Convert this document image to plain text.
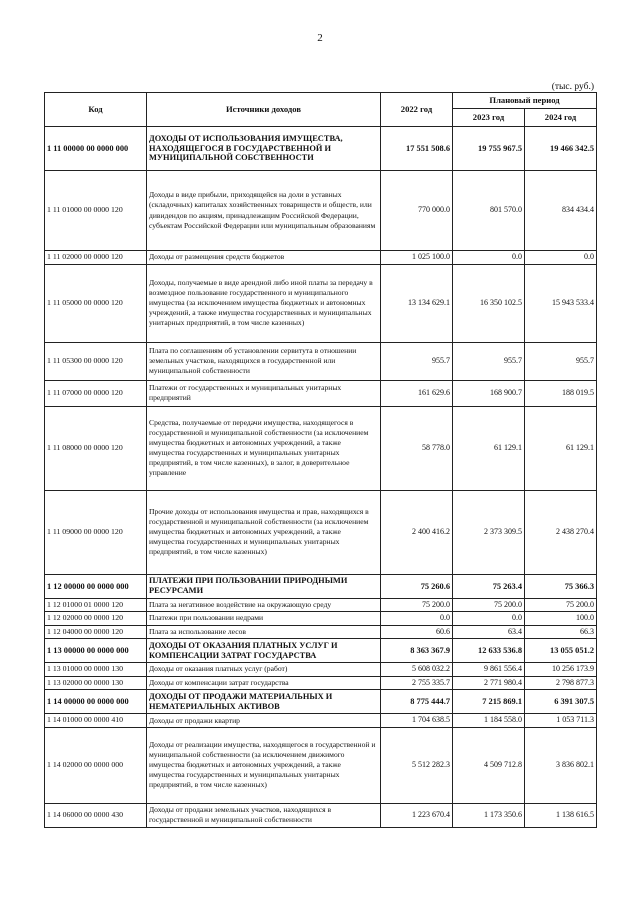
2
(тыс. руб.)
Код	Источники доходов	2022 год	Плановый период	
			2023 год	2024 год
1 11 00000 00 0000 000	ДОХОДЫ ОТ ИСПОЛЬЗОВАНИЯ ИМУЩЕСТВА, НАХОДЯЩЕГОСЯ В ГОСУДАРСТВЕННОЙ И МУНИЦИПАЛЬНОЙ СОБСТВЕННОСТИ	17 551 508.6	19 755 967.5	19 466 342.5
1 11 01000 00 0000 120	Доходы в виде прибыли, приходящейся на доли в уставных (складочных) капиталах хозяйственных товариществ и обществ, или дивидендов по акциям, принадлежащим Российской Федерации, субъектам Российской Федерации или муниципальным образованиям	770 000.0	801 570.0	834 434.4
1 11 02000 00 0000 120	Доходы от размещения средств бюджетов	1 025 100.0	0.0	0.0
1 11 05000 00 0000 120	Доходы, получаемые в виде арендной либо иной платы за передачу в возмездное пользование государственного и муниципального имущества (за исключением имущества бюджетных и автономных учреждений, а также имущества государственных и муниципальных унитарных предприятий, в том числе казенных)	13 134 629.1	16 350 102.5	15 943 533.4
1 11 05300 00 0000 120	Плата по соглашениям об установлении сервитута в отношении земельных участков, находящихся в государственной или муниципальной собственности	955.7	955.7	955.7
1 11 07000 00 0000 120	Платежи от государственных и муниципальных унитарных предприятий	161 629.6	168 900.7	188 019.5
1 11 08000 00 0000 120	Средства, получаемые от передачи имущества, находящегося в государственной и муниципальной собственности (за исключением имущества бюджетных и автономных учреждений, а также имущества государственных и муниципальных унитарных предприятий, в том числе казенных), в залог, в доверительное управление	58 778.0	61 129.1	61 129.1
1 11 09000 00 0000 120	Прочие доходы от использования имущества и прав, находящихся в государственной и муниципальной собственности (за исключением имущества бюджетных и автономных учреждений, а также имущества государственных и муниципальных унитарных предприятий, в том числе казенных)	2 400 416.2	2 373 309.5	2 438 270.4
1 12 00000 00 0000 000	ПЛАТЕЖИ ПРИ ПОЛЬЗОВАНИИ ПРИРОДНЫМИ РЕСУРСАМИ	75 260.6	75 263.4	75 366.3
1 12 01000 01 0000 120	Плата за негативное воздействие на окружающую среду	75 200.0	75 200.0	75 200.0
1 12 02000 00 0000 120	Платежи при пользовании недрами	0.0	0.0	100.0
1 12 04000 00 0000 120	Плата за использование лесов	60.6	63.4	66.3
1 13 00000 00 0000 000	ДОХОДЫ ОТ ОКАЗАНИЯ ПЛАТНЫХ УСЛУГ И КОМПЕНСАЦИИ ЗАТРАТ ГОСУДАРСТВА	8 363 367.9	12 633 536.8	13 055 051.2
1 13 01000 00 0000 130	Доходы от оказания платных услуг (работ)	5 608 032.2	9 861 556.4	10 256 173.9
1 13 02000 00 0000 130	Доходы от компенсации затрат государства	2 755 335.7	2 771 980.4	2 798 877.3
1 14 00000 00 0000 000	ДОХОДЫ ОТ ПРОДАЖИ МАТЕРИАЛЬНЫХ И НЕМАТЕРИАЛЬНЫХ АКТИВОВ	8 775 444.7	7 215 869.1	6 391 307.5
1 14 01000 00 0000 410	Доходы от продажи квартир	1 704 638.5	1 184 558.0	1 053 711.3
1 14 02000 00 0000 000	Доходы от реализации имущества, находящегося в государственной и муниципальной собственности (за исключением движимого имущества бюджетных и автономных учреждений, а также имущества государственных и муниципальных унитарных предприятий, в том числе казенных)	5 512 282.3	4 509 712.8	3 836 802.1
1 14 06000 00 0000 430	Доходы от продажи земельных участков, находящихся в государственной и муниципальной собственности	1 223 670.4	1 173 350.6	1 138 616.5
